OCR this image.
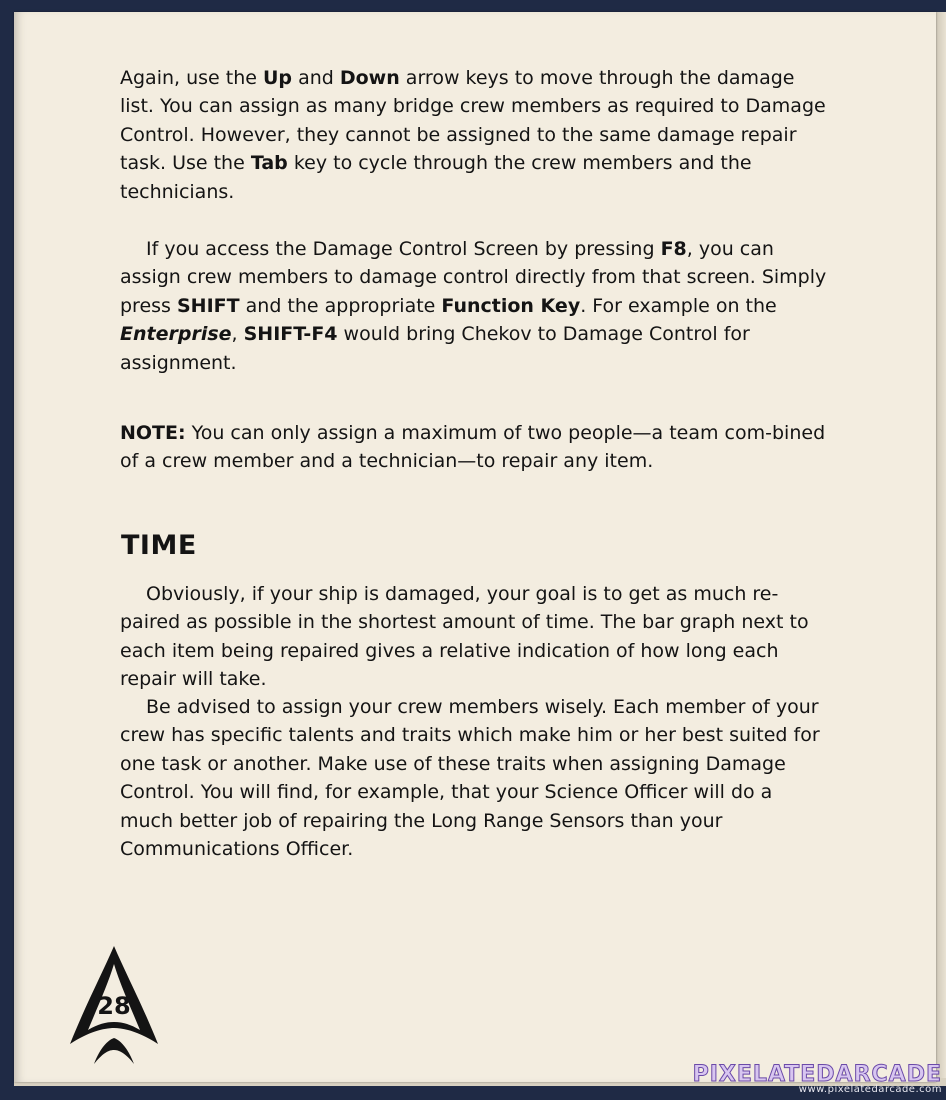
Again, use the Up and Down arrow keys to move through the damage list. You can assign as many bridge crew members as required to Damage Control. However, they cannot be assigned to the same damage repair task. Use the Tab key to cycle through the crew members and the technicians.

If you access the Damage Control Screen by pressing F8, you can assign crew members to damage control directly from that screen. Simply press SHIFT and the appropriate Function Key. For example on the Enterprise, SHIFT-F4 would bring Chekov to Damage Control for assignment.

NOTE: You can only assign a maximum of two people—a team com-bined of a crew member and a technician—to repair any item.

TIME

Obviously, if your ship is damaged, your goal is to get as much re-paired as possible in the shortest amount of time. The bar graph next to each item being repaired gives a relative indication of how long each repair will take.

Be advised to assign your crew members wisely. Each member of your crew has specific talents and traits which make him or her best suited for one task or another. Make use of these traits when assigning Damage Control. You will find, for example, that your Science Officer will do a much better job of repairing the Long Range Sensors than your Communications Officer.

28
PIXELATEDARCADE
www.pixelatedarcade.com
